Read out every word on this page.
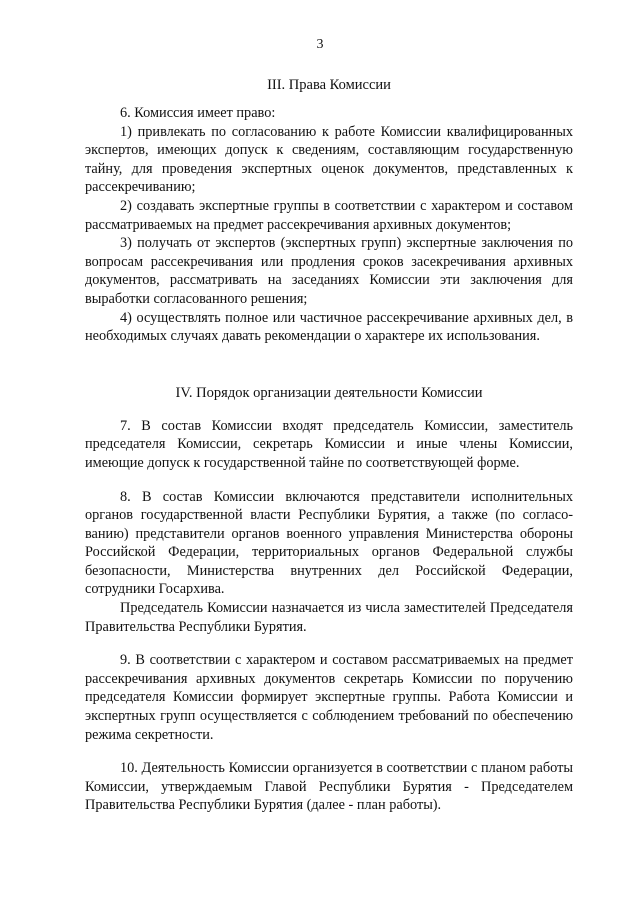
3

III. Права Комиссии

6. Комиссия имеет право:

1) привлекать по согласованию к работе Комиссии квалифицированных экспертов, имеющих допуск к сведениям, составляющим государственную тайну, для проведения экспертных оценок документов, представленных к рассекречиванию;

2) создавать экспертные группы в соответствии с характером и составом рассматриваемых на предмет рассекречивания архивных документов;

3) получать от экспертов (экспертных групп) экспертные заключения по вопросам рассекречивания или продления сроков засекречивания архивных документов, рассматривать на заседаниях Комиссии эти заключения для выработки согласованного решения;

4) осуществлять полное или частичное рассекречивание архивных дел, в необходимых случаях давать рекомендации о характере их использования.

IV. Порядок организации деятельности Комиссии

7. В состав Комиссии входят председатель Комиссии, заместитель председателя Комиссии, секретарь Комиссии и иные члены Комиссии, имеющие допуск к государственной тайне по соответствующей форме.

8. В состав Комиссии включаются представители исполнительных органов государственной власти Республики Бурятия, а также (по согласованию) представители органов военного управления Министерства обороны Российской Федерации, территориальных органов Федеральной службы безопасности, Министерства внутренних дел Российской Федерации, сотрудники Госархива.

Председатель Комиссии назначается из числа заместителей Председателя Правительства Республики Бурятия.

9. В соответствии с характером и составом рассматриваемых на предмет рассекречивания архивных документов секретарь Комиссии по поручению председателя Комиссии формирует экспертные группы. Работа Комиссии и экспертных групп осуществляется с соблюдением требований по обеспечению режима секретности.

10. Деятельность Комиссии организуется в соответствии с планом работы Комиссии, утверждаемым Главой Республики Бурятия - Председателем Правительства Республики Бурятия (далее - план работы).
